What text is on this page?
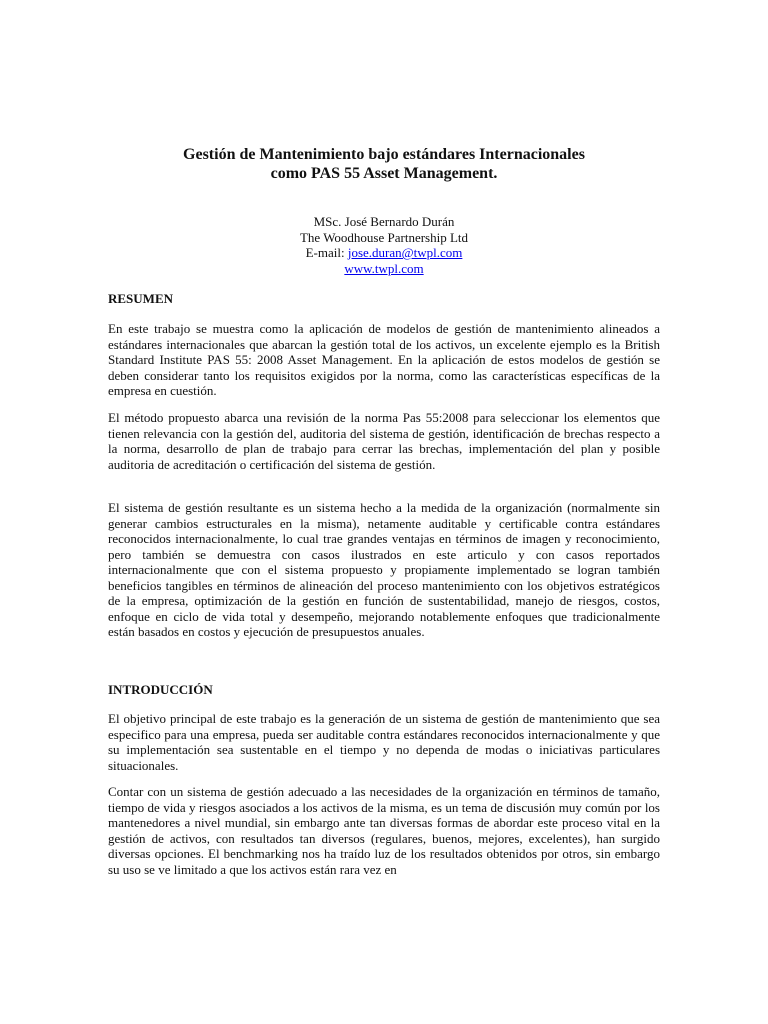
Gestión de Mantenimiento bajo estándares Internacionales
como PAS 55 Asset Management.
MSc. José Bernardo Durán
The Woodhouse Partnership Ltd
E-mail: jose.duran@twpl.com
www.twpl.com
RESUMEN

En este trabajo se muestra como la aplicación de modelos de gestión de mantenimiento alineados a estándares internacionales que abarcan la gestión total de los activos, un excelente ejemplo es la British Standard Institute PAS 55: 2008 Asset Management. En la aplicación de estos modelos de gestión se deben considerar tanto los requisitos exigidos por la norma, como las características específicas de la empresa en cuestión.

El método propuesto abarca una revisión de la norma Pas 55:2008 para seleccionar los elementos que tienen relevancia con la gestión del, auditoria del sistema de gestión, identificación de brechas respecto a la norma, desarrollo de plan de trabajo para cerrar las brechas, implementación del plan y posible auditoria de acreditación o certificación del sistema de gestión.

El sistema de gestión resultante es un sistema hecho a la medida de la organización (normalmente sin generar cambios estructurales en la misma), netamente auditable y certificable contra estándares reconocidos internacionalmente, lo cual trae grandes ventajas en términos de imagen y reconocimiento, pero también se demuestra con casos ilustrados en este articulo y con casos reportados internacionalmente que con el sistema propuesto y propiamente implementado se logran también beneficios tangibles en términos de alineación del proceso mantenimiento con los objetivos estratégicos de la empresa, optimización de la gestión en función de sustentabilidad, manejo de riesgos, costos, enfoque en ciclo de vida total y desempeño, mejorando notablemente enfoques que tradicionalmente están basados en costos y ejecución de presupuestos anuales.

INTRODUCCIÓN

El objetivo principal de este trabajo es la generación de un sistema de gestión de mantenimiento que sea especifico para una empresa, pueda ser auditable contra estándares reconocidos internacionalmente y que su implementación sea sustentable en el tiempo y no dependa de modas o iniciativas particulares situacionales.

Contar con un sistema de gestión adecuado a las necesidades de la organización en términos de tamaño, tiempo de vida y riesgos asociados a los activos de la misma, es un tema de discusión muy común por los mantenedores a nivel mundial, sin embargo ante tan diversas formas de abordar este proceso vital en la gestión de activos, con resultados tan diversos (regulares, buenos, mejores, excelentes), han surgido diversas opciones. El benchmarking nos ha traído luz de los resultados obtenidos por otros, sin embargo su uso se ve limitado a que los activos están rara vez en
